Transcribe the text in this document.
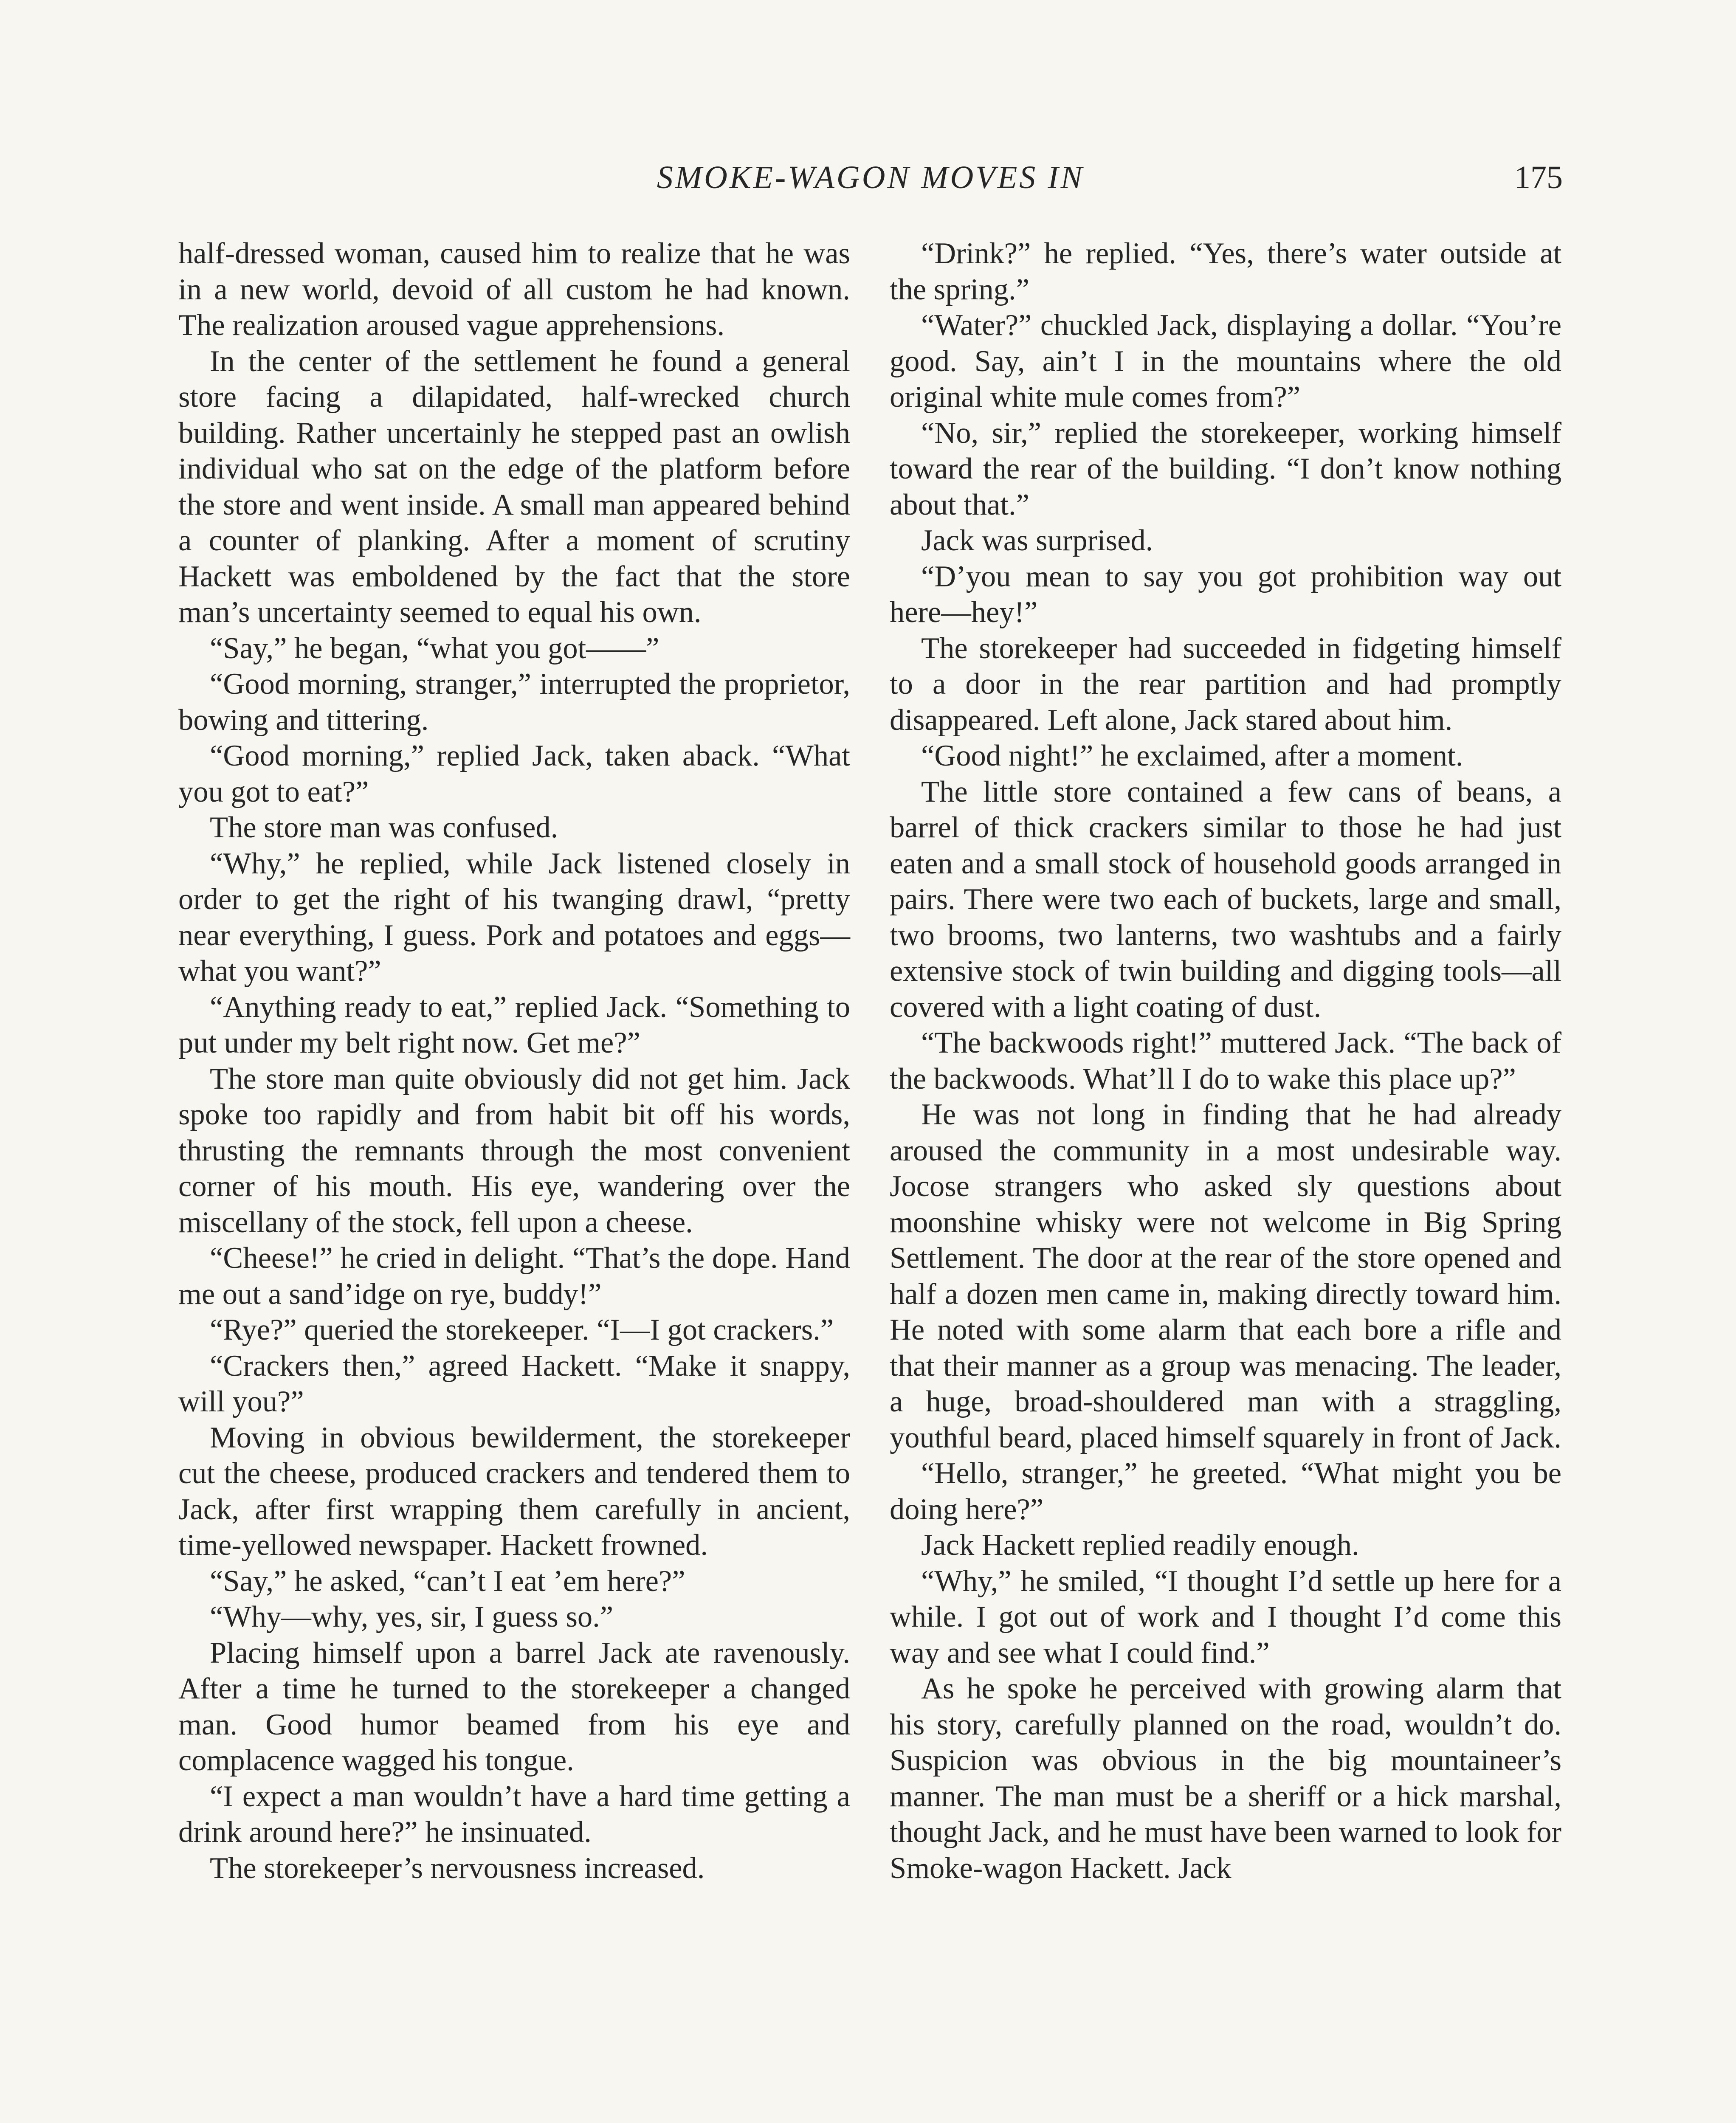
SMOKE-WAGON MOVES IN	175

half-dressed woman, caused him to realize that he was in a new world, devoid of all custom he had known. The realization aroused vague apprehensions.

In the center of the settlement he found a general store facing a dilapidated, half-wrecked church building. Rather uncertainly he stepped past an owlish individual who sat on the edge of the platform before the store and went inside. A small man appeared behind a counter of planking. After a moment of scrutiny Hackett was emboldened by the fact that the store man’s uncertainty seemed to equal his own.

“Say,” he began, “what you got——”

“Good morning, stranger,” interrupted the proprietor, bowing and tittering.

“Good morning,” replied Jack, taken aback. “What you got to eat?”

The store man was confused.

“Why,” he replied, while Jack listened closely in order to get the right of his twanging drawl, “pretty near everything, I guess. Pork and potatoes and eggs—what you want?”

“Anything ready to eat,” replied Jack. “Something to put under my belt right now. Get me?”

The store man quite obviously did not get him. Jack spoke too rapidly and from habit bit off his words, thrusting the remnants through the most convenient corner of his mouth. His eye, wandering over the miscellany of the stock, fell upon a cheese.

“Cheese!” he cried in delight. “That’s the dope. Hand me out a sand’idge on rye, buddy!”

“Rye?” queried the storekeeper. “I—I got crackers.”

“Crackers then,” agreed Hackett. “Make it snappy, will you?”

Moving in obvious bewilderment, the storekeeper cut the cheese, produced crackers and tendered them to Jack, after first wrapping them carefully in ancient, time-yellowed newspaper. Hackett frowned.

“Say,” he asked, “can’t I eat ’em here?”

“Why—why, yes, sir, I guess so.”

Placing himself upon a barrel Jack ate ravenously. After a time he turned to the storekeeper a changed man. Good humor beamed from his eye and complacence wagged his tongue.

“I expect a man wouldn’t have a hard time getting a drink around here?” he insinuated.

The storekeeper’s nervousness increased.

“Drink?” he replied. “Yes, there’s water outside at the spring.”

“Water?” chuckled Jack, displaying a dollar. “You’re good. Say, ain’t I in the mountains where the old original white mule comes from?”

“No, sir,” replied the storekeeper, working himself toward the rear of the building. “I don’t know nothing about that.”

Jack was surprised.

“D’you mean to say you got prohibition way out here—hey!”

The storekeeper had succeeded in fidgeting himself to a door in the rear partition and had promptly disappeared. Left alone, Jack stared about him.

“Good night!” he exclaimed, after a moment.

The little store contained a few cans of beans, a barrel of thick crackers similar to those he had just eaten and a small stock of household goods arranged in pairs. There were two each of buckets, large and small, two brooms, two lanterns, two washtubs and a fairly extensive stock of twin building and digging tools—all covered with a light coating of dust.

“The backwoods right!” muttered Jack. “The back of the backwoods. What’ll I do to wake this place up?”

He was not long in finding that he had already aroused the community in a most undesirable way. Jocose strangers who asked sly questions about moonshine whisky were not welcome in Big Spring Settlement. The door at the rear of the store opened and half a dozen men came in, making directly toward him. He noted with some alarm that each bore a rifle and that their manner as a group was menacing. The leader, a huge, broad-shouldered man with a straggling, youthful beard, placed himself squarely in front of Jack.

“Hello, stranger,” he greeted. “What might you be doing here?”

Jack Hackett replied readily enough.

“Why,” he smiled, “I thought I’d settle up here for a while. I got out of work and I thought I’d come this way and see what I could find.”

As he spoke he perceived with growing alarm that his story, carefully planned on the road, wouldn’t do. Suspicion was obvious in the big mountaineer’s manner. The man must be a sheriff or a hick marshal, thought Jack, and he must have been warned to look for Smoke-wagon Hackett. Jack
